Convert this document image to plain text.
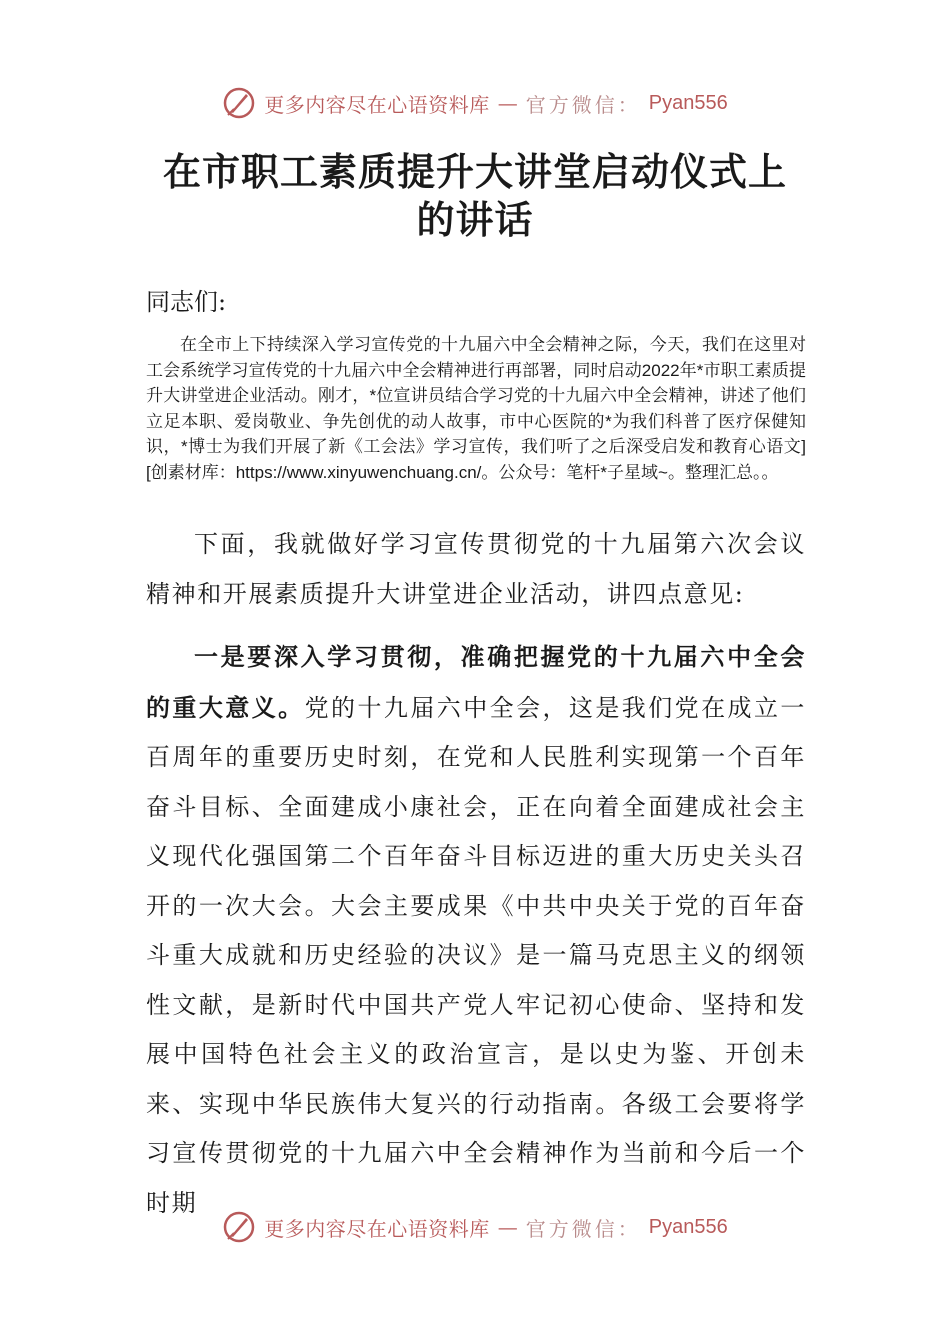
更多内容尽在心语资料库 — 官方微信： Pyan556
在市职工素质提升大讲堂启动仪式上的讲话

同志们:

在全市上下持续深入学习宣传党的十九届六中全会精神之际，今天，我们在这里对工会系统学习宣传党的十九届六中全会精神进行再部署，同时启动2022年*市职工素质提升大讲堂进企业活动。刚才，*位宣讲员结合学习党的十九届六中全会精神，讲述了他们立足本职、爱岗敬业、争先创优的动人故事，市中心医院的*为我们科普了医疗保健知识，*博士为我们开展了新《工会法》学习宣传，我们听了之后深受启发和教育心语文][创素材库：https://www.xinyuwenchuang.cn/。公众号：笔杆*子星域~。整理汇总。。

下面，我就做好学习宣传贯彻党的十九届第六次会议精神和开展素质提升大讲堂进企业活动，讲四点意见:

一是要深入学习贯彻，准确把握党的十九届六中全会的重大意义。党的十九届六中全会，这是我们党在成立一百周年的重要历史时刻，在党和人民胜利实现第一个百年奋斗目标、全面建成小康社会，正在向着全面建成社会主义现代化强国第二个百年奋斗目标迈进的重大历史关头召开的一次大会。大会主要成果《中共中央关于党的百年奋斗重大成就和历史经验的决议》是一篇马克思主义的纲领性文献，是新时代中国共产党人牢记初心使命、坚持和发展中国特色社会主义的政治宣言，是以史为鉴、开创未来、实现中华民族伟大复兴的行动指南。各级工会要将学习宣传贯彻党的十九届六中全会精神作为当前和今后一个时期

更多内容尽在心语资料库 — 官方微信： Pyan556
